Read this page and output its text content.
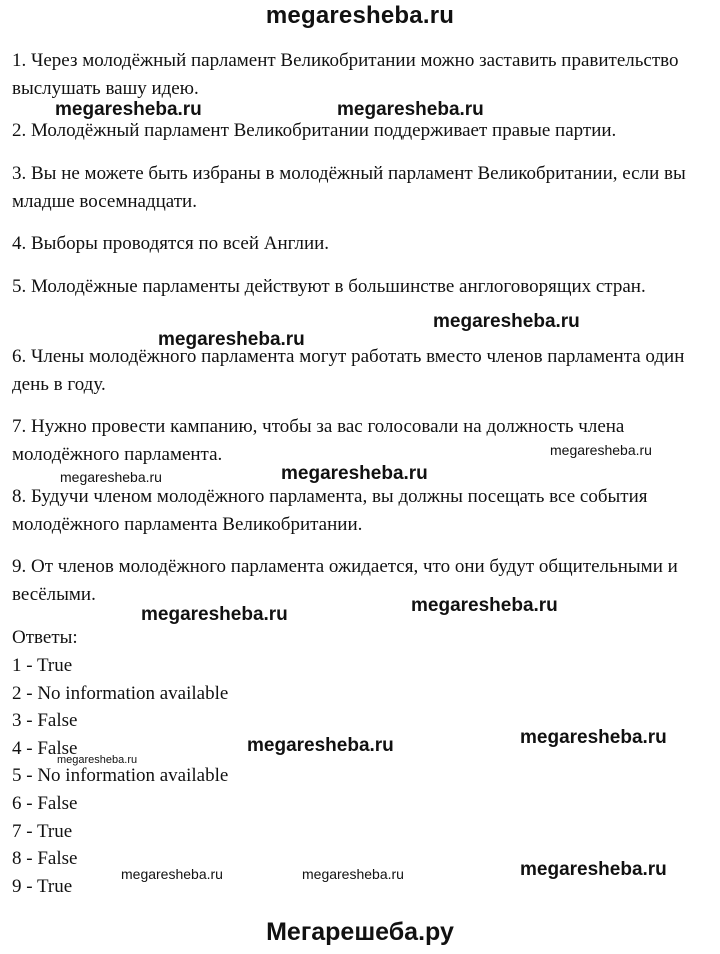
megaresheba.ru

1. Через молодёжный парламент Великобритании можно заставить правительство выслушать вашу идею.

2. Молодёжный парламент Великобритании поддерживает правые партии.

3. Вы не можете быть избраны в молодёжный парламент Великобритании, если вы младше восемнадцати.

4. Выборы проводятся по всей Англии.

5. Молодёжные парламенты действуют в большинстве англоговорящих стран.

6. Члены молодёжного парламента могут работать вместо членов парламента один день в году.

7. Нужно провести кампанию, чтобы за вас голосовали на должность члена молодёжного парламента.

8. Будучи членом молодёжного парламента, вы должны посещать все события молодёжного парламента Великобритании.

9. От членов молодёжного парламента ожидается, что они будут общительными и весёлыми.

Ответы:
1 - True
2 - No information available
3 - False
4 - False
5 - No information available
6 - False
7 - True
8 - False
9 - True
megaresheba.ru	megaresheba.ru
megaresheba.ru
megaresheba.ru
megaresheba.ru
megaresheba.ru
megaresheba.ru
megaresheba.ru
megaresheba.ru
megaresheba.ru
megaresheba.ru
megaresheba.ru
megaresheba.ru
megaresheba.ru	megaresheba.ru
Мегарешеба.ру
